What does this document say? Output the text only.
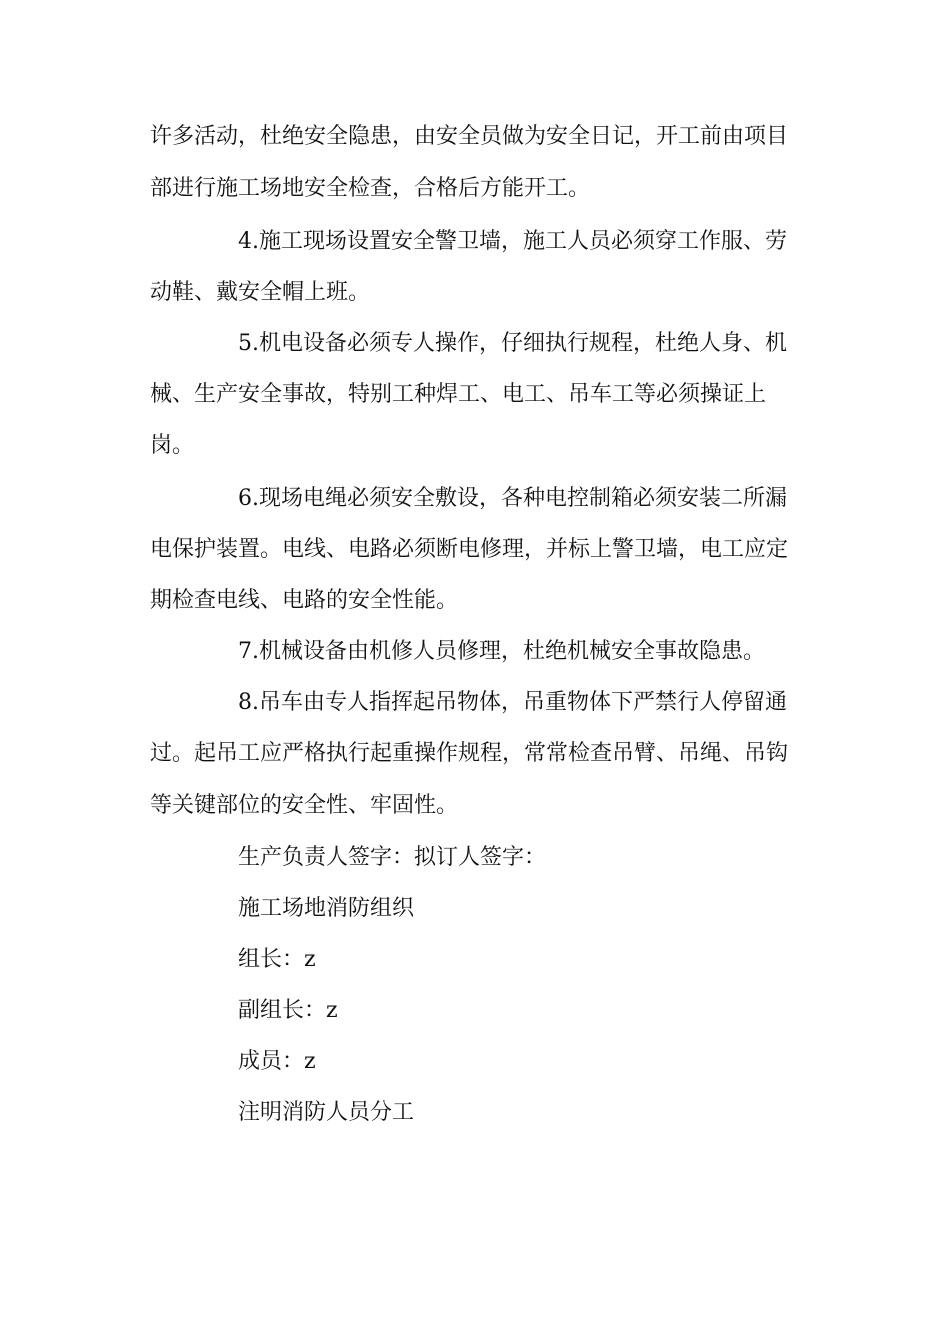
许多活动，杜绝安全隐患，由安全员做为安全日记，开工前由项目
部进行施工场地安全检查，合格后方能开工。
4.施工现场设置安全警卫墙，施工人员必须穿工作服、劳
动鞋、戴安全帽上班。
5.机电设备必须专人操作，仔细执行规程，杜绝人身、机
械、生产安全事故，特别工种焊工、电工、吊车工等必须操证上
岗。
6.现场电绳必须安全敷设，各种电控制箱必须安装二所漏
电保护装置。电线、电路必须断电修理，并标上警卫墙，电工应定
期检查电线、电路的安全性能。
7.机械设备由机修人员修理，杜绝机械安全事故隐患。
8.吊车由专人指挥起吊物体，吊重物体下严禁行人停留通
过。起吊工应严格执行起重操作规程，常常检查吊臂、吊绳、吊钩
等关键部位的安全性、牢固性。
生产负责人签字：拟订人签字：
施工场地消防组织
组长：z
副组长：z
成员：z
注明消防人员分工
